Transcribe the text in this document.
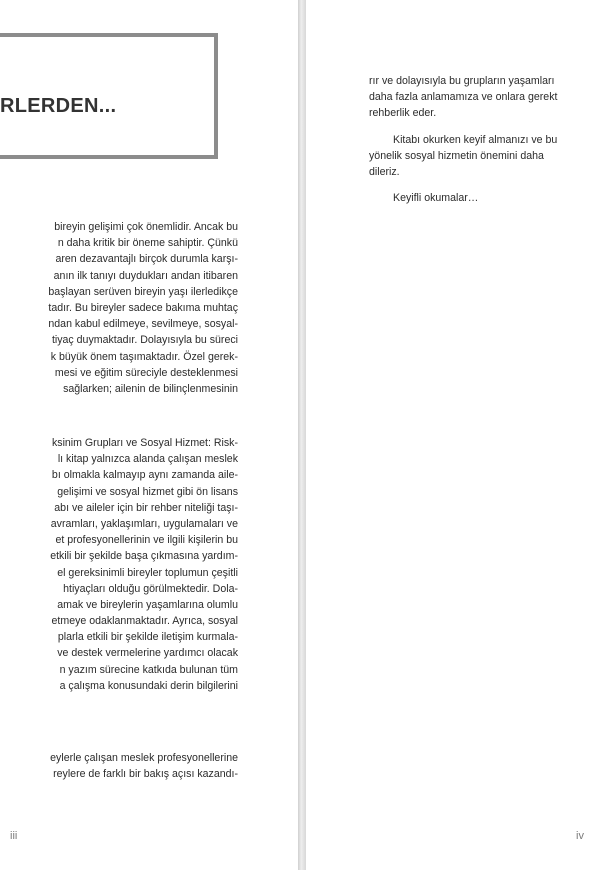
RLERDEN...
bireyin gelişimi çok önemlidir. Ancak bu
n daha kritik bir öneme sahiptir. Çünkü
aren dezavantajlı birçok durumla karşı-
anın ilk tanıyı duydukları andan itibaren
başlayan serüven bireyin yaşı ilerledikçe
tadır. Bu bireyler sadece bakıma muhtaç
ndan kabul edilmeye, sevilmeye, sosyal-
tiyaç duymaktadır. Dolayısıyla bu süreci
k büyük önem taşımaktadır. Özel gerek-
mesi ve eğitim süreciyle desteklenmesi
sağlarken; ailenin de bilinçlenmesinin
ksinim Grupları ve Sosyal Hizmet: Risk-
lı kitap yalnızca alanda çalışan meslek
bı olmakla kalmayıp aynı zamanda aile-
gelişimi ve sosyal hizmet gibi ön lisans
abı ve aileler için bir rehber niteliği taşı-
avramları, yaklaşımları, uygulamaları ve
et profesyonellerinin ve ilgili kişilerin bu
etkili bir şekilde başa çıkmasına yardım-
el gereksinimli bireyler toplumun çeşitli
htiyaçları olduğu görülmektedir. Dola-
amak ve bireylerin yaşamlarına olumlu
etmeye odaklanmaktadır. Ayrıca, sosyal
plarla etkili bir şekilde iletişim kurmala-
ve destek vermelerine yardımcı olacak
n yazım sürecine katkıda bulunan tüm
a çalışma konusundaki derin bilgilerini
eylerle çalışan meslek profesyonellerine
reylere de farklı bir bakış açısı kazandı-
iii
rır ve dolayısıyla bu grupların yaşamları
daha fazla anlamamıza ve onlara gerekt
rehberlik eder.
Kitabı okurken keyif almanızı ve bu
yönelik sosyal hizmetin önemini daha
dileriz.
Keyifli okumalar…
iv
